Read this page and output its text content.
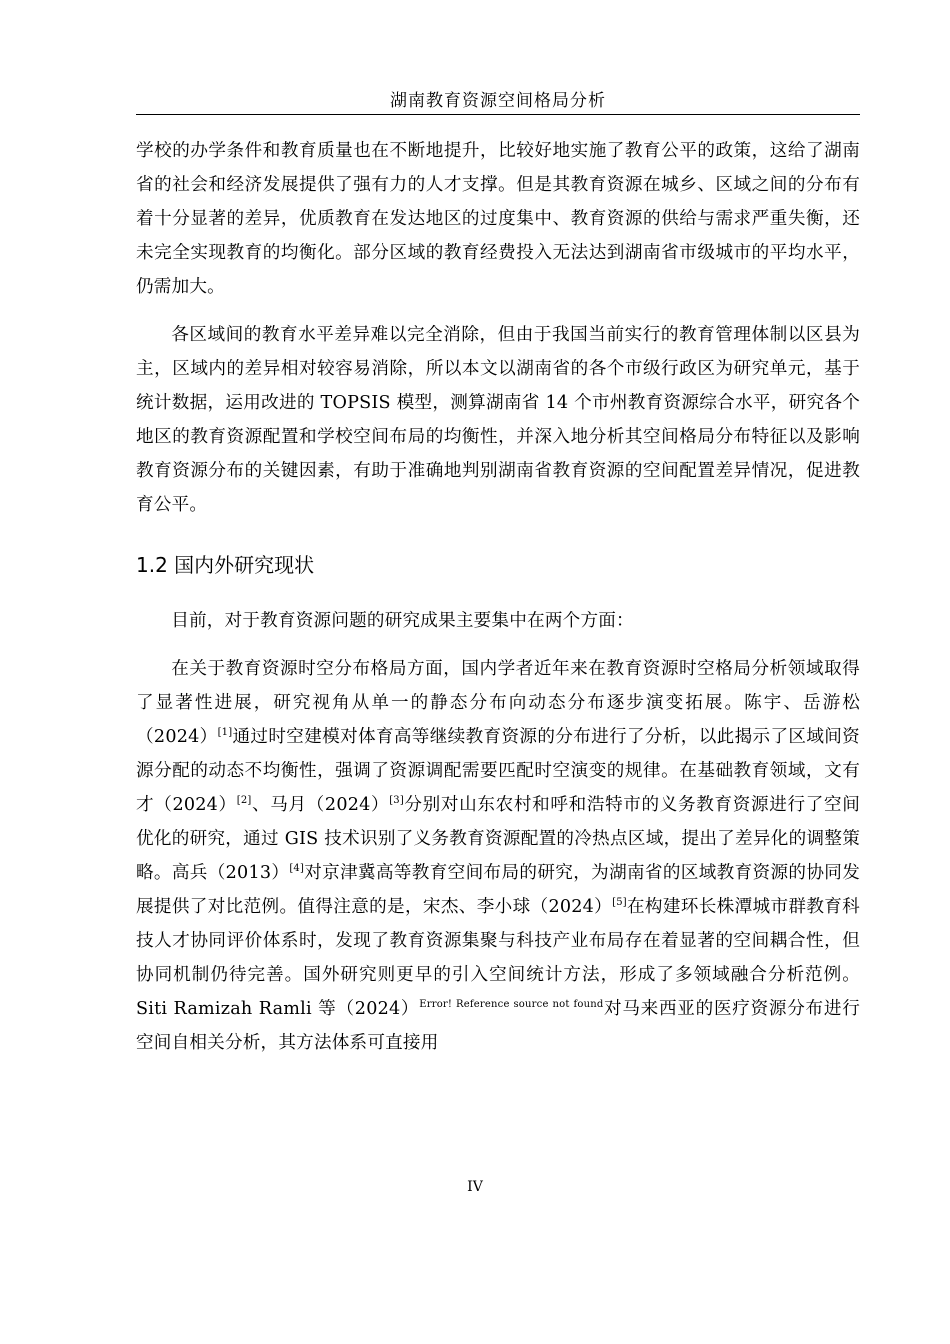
湖南教育资源空间格局分析

学校的办学条件和教育质量也在不断地提升，比较好地实施了教育公平的政策，这给了湖南省的社会和经济发展提供了强有力的人才支撑。但是其教育资源在城乡、区域之间的分布有着十分显著的差异，优质教育在发达地区的过度集中、教育资源的供给与需求严重失衡，还未完全实现教育的均衡化。部分区域的教育经费投入无法达到湖南省市级城市的平均水平，仍需加大。

各区域间的教育水平差异难以完全消除，但由于我国当前实行的教育管理体制以区县为主，区域内的差异相对较容易消除，所以本文以湖南省的各个市级行政区为研究单元，基于统计数据，运用改进的 TOPSIS 模型，测算湖南省 14 个市州教育资源综合水平，研究各个地区的教育资源配置和学校空间布局的均衡性，并深入地分析其空间格局分布特征以及影响教育资源分布的关键因素，有助于准确地判别湖南省教育资源的空间配置差异情况，促进教育公平。

1.2 国内外研究现状

目前，对于教育资源问题的研究成果主要集中在两个方面：

在关于教育资源时空分布格局方面，国内学者近年来在教育资源时空格局分析领域取得了显著性进展，研究视角从单一的静态分布向动态分布逐步演变拓展。陈宇、岳游松（2024）[1]通过时空建模对体育高等继续教育资源的分布进行了分析，以此揭示了区域间资源分配的动态不均衡性，强调了资源调配需要匹配时空演变的规律。在基础教育领域，文有才（2024）[2]、马月（2024）[3]分别对山东农村和呼和浩特市的义务教育资源进行了空间优化的研究，通过 GIS 技术识别了义务教育资源配置的冷热点区域，提出了差异化的调整策略。高兵（2013）[4]对京津冀高等教育空间布局的研究，为湖南省的区域教育资源的协同发展提供了对比范例。值得注意的是，宋杰、李小球（2024）[5]在构建环长株潭城市群教育科技人才协同评价体系时，发现了教育资源集聚与科技产业布局存在着显著的空间耦合性，但协同机制仍待完善。国外研究则更早的引入空间统计方法，形成了多领域融合分析范例。Siti Ramizah Ramli 等（2024）$^{Error! Reference source not found}$对马来西亚的医疗资源分布进行空间自相关分析，其方法体系可直接用

IV
